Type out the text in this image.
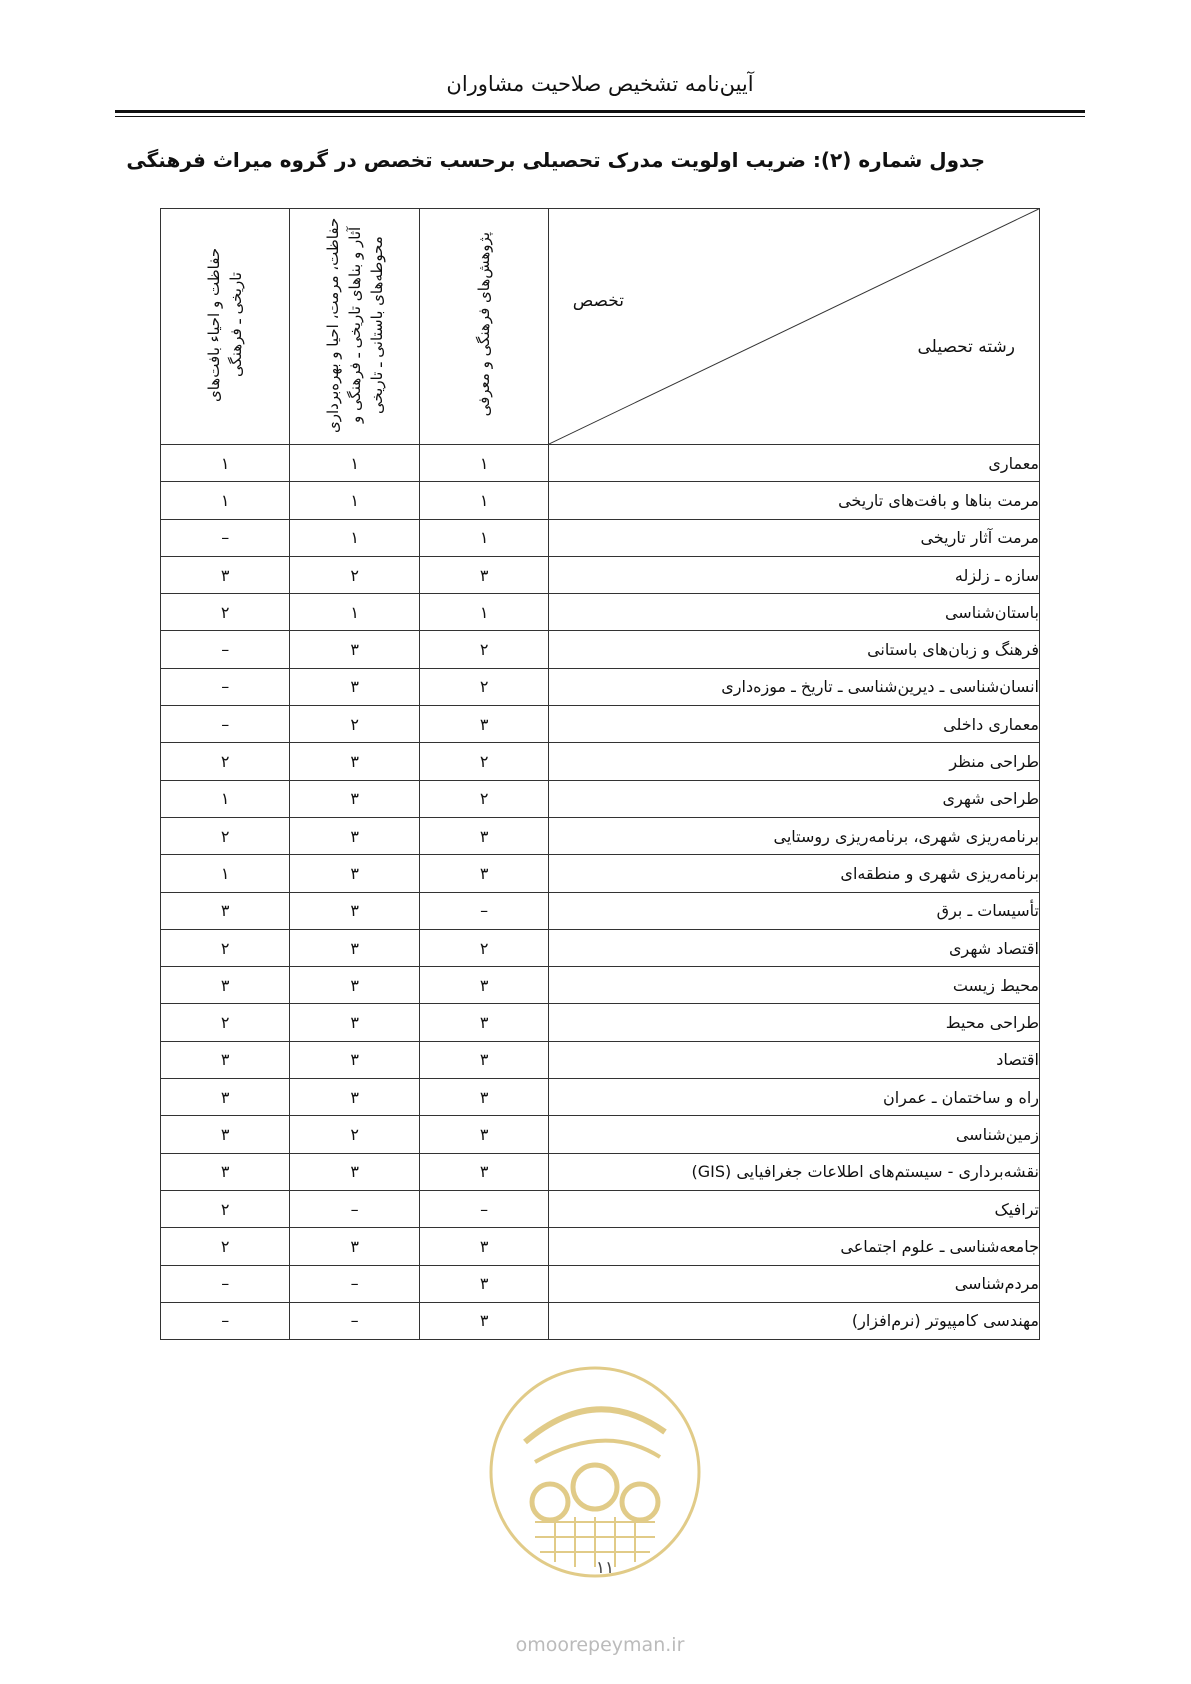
آیین‌نامه تشخیص صلاحیت مشاوران
جدول شماره (۲): ضریب اولویت مدرک تحصیلی برحسب تخصص در گروه میراث فرهنگی
تخصص
رشته تحصیلی	پژوهش‌های فرهنگی و معرفی	حفاظت، مرمت، احیا و بهره‌برداری آثار و بناهای تاریخی ـ فرهنگی و محوطه‌های باستانی ـ تاریخی	حفاظت و احیاء بافت‌های تاریخی ـ فرهنگی
معماری	۱	۱	۱
مرمت بناها و بافت‌های تاریخی	۱	۱	۱
مرمت آثار تاریخی	۱	۱	–
سازه ـ زلزله	۳	۲	۳
باستان‌شناسی	۱	۱	۲
فرهنگ و زبان‌های باستانی	۲	۳	–
انسان‌شناسی ـ دیرین‌شناسی ـ تاریخ ـ موزه‌داری	۲	۳	–
معماری داخلی	۳	۲	–
طراحی منظر	۲	۳	۲
طراحی شهری	۲	۳	۱
برنامه‌ریزی شهری، برنامه‌ریزی روستایی	۳	۳	۲
برنامه‌ریزی شهری و منطقه‌ای	۳	۳	۱
تأسیسات ـ برق	–	۳	۳
اقتصاد شهری	۲	۳	۲
محیط زیست	۳	۳	۳
طراحی محیط	۳	۳	۲
اقتصاد	۳	۳	۳
راه و ساختمان ـ عمران	۳	۳	۳
زمین‌شناسی	۳	۲	۳
نقشه‌برداری - سیستم‌های اطلاعات جغرافیایی (GIS)	۳	۳	۳
ترافیک	–	–	۲
جامعه‌شناسی ـ علوم اجتماعی	۳	۳	۲
مردم‌شناسی	۳	–	–
مهندسی کامپیوتر (نرم‌افزار)	۳	–	–
۱۱
omoorepeyman.ir
